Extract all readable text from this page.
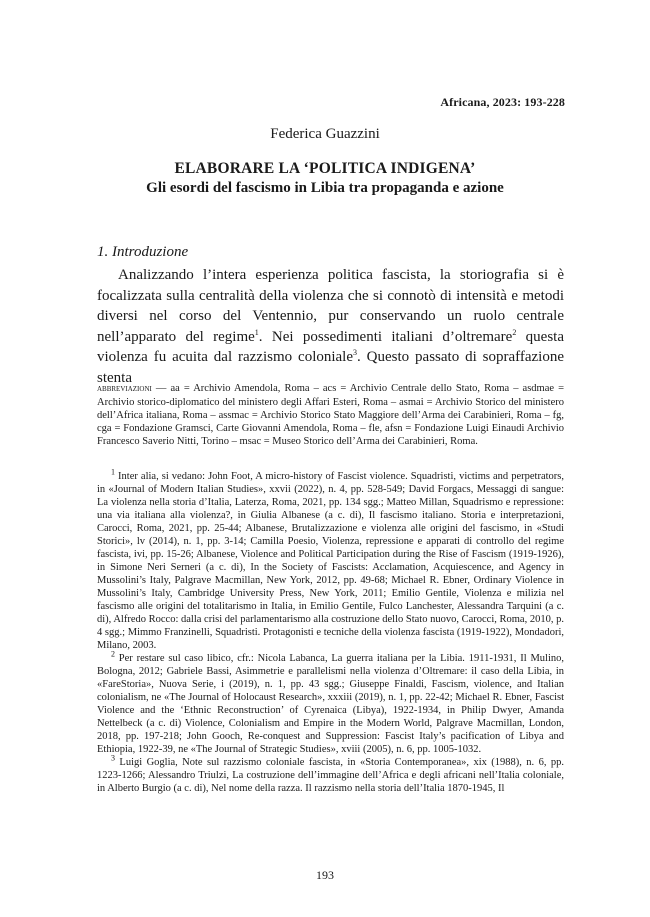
Africana, 2023: 193-228
Federica Guazzini
ELABORARE LA ‘POLITICA INDIGENA’
Gli esordi del fascismo in Libia tra propaganda e azione
1. Introduzione

Analizzando l’intera esperienza politica fascista, la storiografia si è focalizzata sulla centralità della violenza che si connotò di intensità e metodi diversi nel corso del Ventennio, pur conservando un ruolo centrale nell’apparato del regime$^1$. Nei possedimenti italiani d’oltremare$^2$ questa violenza fu acuita dal razzismo coloniale$^3$. Questo passato di sopraffazione stenta

abbreviazioni — aa = Archivio Amendola, Roma – acs = Archivio Centrale dello Stato, Roma – asdmae = Archivio storico-diplomatico del ministero degli Affari Esteri, Roma – asmai = Archivio Storico del ministero dell’Africa italiana, Roma – assmac = Archivio Storico Stato Maggiore dell’Arma dei Carabinieri, Roma – fg, cga = Fondazione Gramsci, Carte Giovanni Amendola, Roma – fle, afsn = Fondazione Luigi Einaudi Archivio Francesco Saverio Nitti, Torino – msac = Museo Storico dell’Arma dei Carabinieri, Roma.

$^1$ Inter alia, si vedano: John Foot, A micro-history of Fascist violence. Squadristi, victims and perpetrators, in «Journal of Modern Italian Studies», xxvii (2022), n. 4, pp. 528-549; David Forgacs, Messaggi di sangue: La violenza nella storia d’Italia, Laterza, Roma, 2021, pp. 134 sgg.; Matteo Millan, Squadrismo e repressione: una via italiana alla violenza?, in Giulia Albanese (a c. di), Il fascismo italiano. Storia e interpretazioni, Carocci, Roma, 2021, pp. 25-44; Albanese, Brutalizzazione e violenza alle origini del fascismo, in «Studi Storici», lv (2014), n. 1, pp. 3-14; Camilla Poesio, Violenza, repressione e apparati di controllo del regime fascista, ivi, pp. 15-26; Albanese, Violence and Political Participation during the Rise of Fascism (1919-1926), in Simone Neri Serneri (a c. di), In the Society of Fascists: Acclamation, Acquiescence, and Agency in Mussolini’s Italy, Palgrave Macmillan, New York, 2012, pp. 49-68; Michael R. Ebner, Ordinary Violence in Mussolini’s Italy, Cambridge University Press, New York, 2011; Emilio Gentile, Violenza e milizia nel fascismo alle origini del totalitarismo in Italia, in Emilio Gentile, Fulco Lanchester, Alessandra Tarquini (a c. di), Alfredo Rocco: dalla crisi del parlamentarismo alla costruzione dello Stato nuovo, Carocci, Roma, 2010, p. 4 sgg.; Mimmo Franzinelli, Squadristi. Protagonisti e tecniche della violenza fascista (1919-1922), Mondadori, Milano, 2003.

$^2$ Per restare sul caso libico, cfr.: Nicola Labanca, La guerra italiana per la Libia. 1911-1931, Il Mulino, Bologna, 2012; Gabriele Bassi, Asimmetrie e parallelismi nella violenza d’Oltremare: il caso della Libia, in «FareStoria», Nuova Serie, i (2019), n. 1, pp. 43 sgg.; Giuseppe Finaldi, Fascism, violence, and Italian colonialism, ne «The Journal of Holocaust Research», xxxiii (2019), n. 1, pp. 22-42; Michael R. Ebner, Fascist Violence and the ‘Ethnic Reconstruction’ of Cyrenaica (Libya), 1922-1934, in Philip Dwyer, Amanda Nettelbeck (a c. di) Violence, Colonialism and Empire in the Modern World, Palgrave Macmillan, London, 2018, pp. 197-218; John Gooch, Re-conquest and Suppression: Fascist Italy’s pacification of Libya and Ethiopia, 1922-39, ne «The Journal of Strategic Studies», xviii (2005), n. 6, pp. 1005-1032.

$^3$ Luigi Goglia, Note sul razzismo coloniale fascista, in «Storia Contemporanea», xix (1988), n. 6, pp. 1223-1266; Alessandro Triulzi, La costruzione dell’immagine dell’Africa e degli africani nell’Italia coloniale, in Alberto Burgio (a c. di), Nel nome della razza. Il razzismo nella storia dell’Italia 1870-1945, Il

193
